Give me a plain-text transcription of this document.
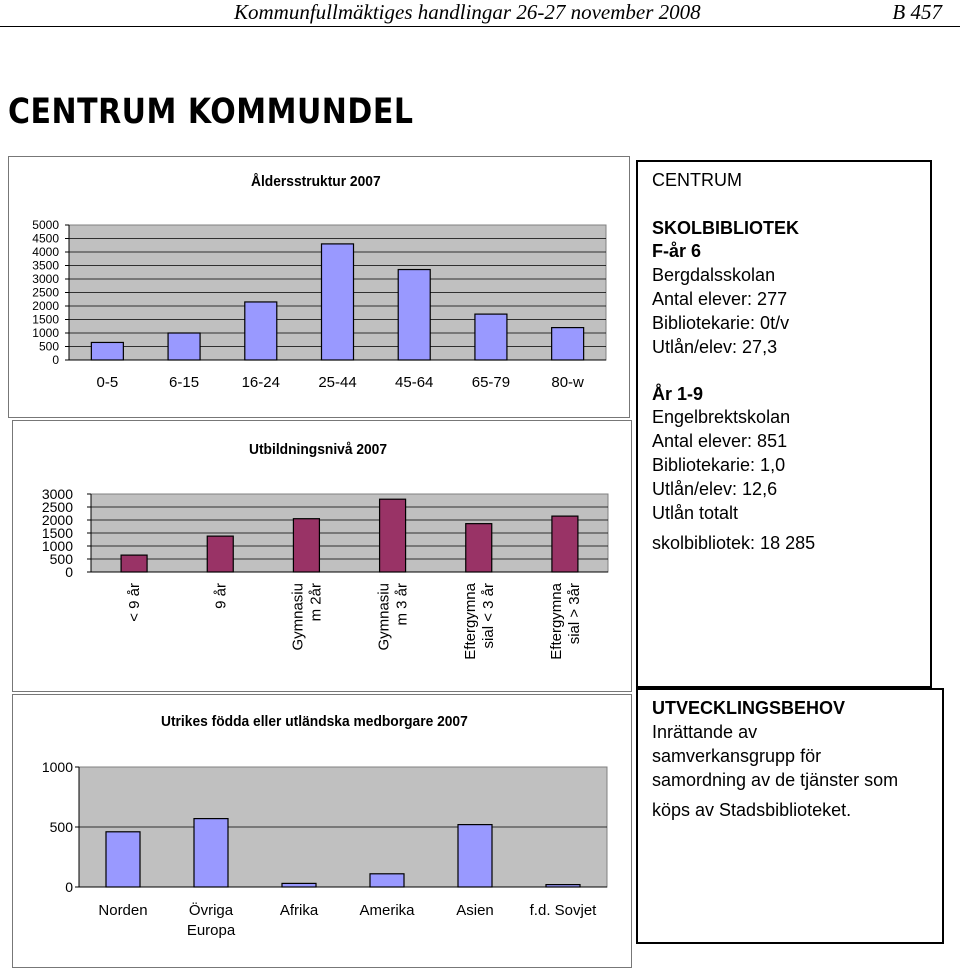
Kommunfullmäktiges handlingar 26-27 november 2008	B 457
CENTRUM KOMMUNDEL
Åldersstruktur 2007
5000
4500
4000
3500
3000
2500
2000
1500
1000
500
0
0-5	6-15	16-24	25-44	45-64	65-79	80-w
Utbildningsnivå 2007
3000
2500
2000
1500
1000
500
0
< 9 år	9 år	Gymnasiu m 2år	Gymnasiu m 3 år	Eftergymna sial < 3 år	Eftergymna sial > 3år
Utrikes födda eller utländska medborgare 2007
1000
500
0
Norden	Övriga
Europa
Afrika	Amerika	Asien f.d. Sovjet
CENTRUM
SKOLBIBLIOTEK
F-år 6
Bergdalsskolan
Antal elever: 277
Bibliotekarie: 0t/v
Utlån/elev: 27,3
År 1-9
Engelbrektskolan
Antal elever: 851
Bibliotekarie: 1,0
Utlån/elev: 12,6
Utlån totalt
skolbibliotek: 18 285
UTVECKLINGSBEHOV
Inrättande av
samverkansgrupp för
samordning av de tjänster som
köps av Stadsbiblioteket.
